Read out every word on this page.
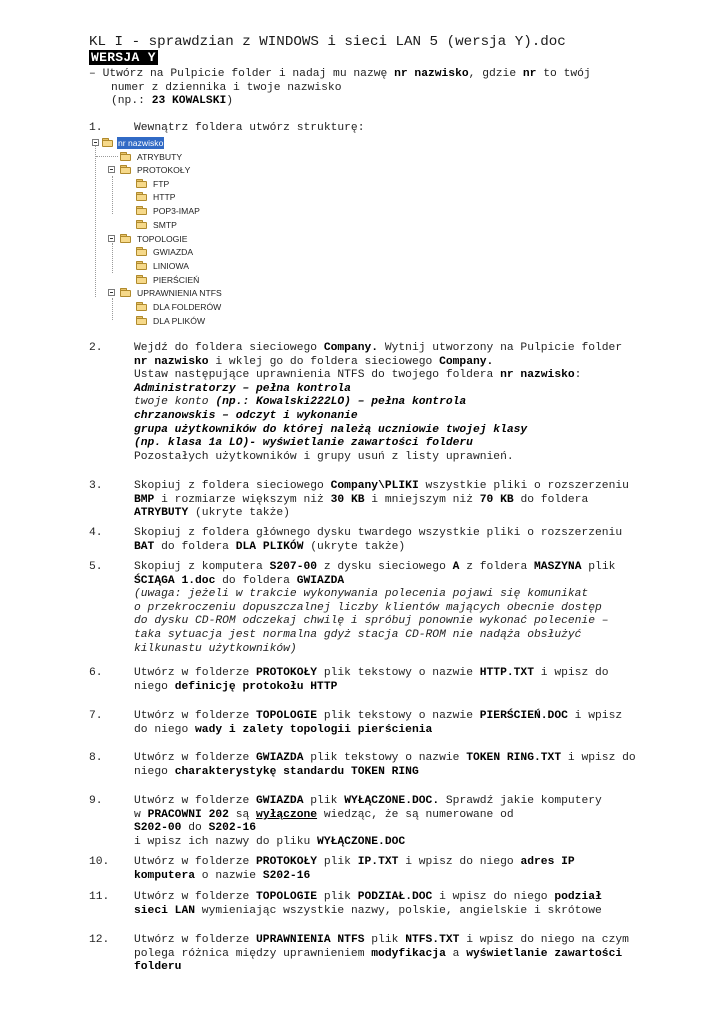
KL I - sprawdzian z WINDOWS i sieci LAN 5 (wersja Y).doc
WERSJA Y
– Utwórz na Pulpicie folder i nadaj mu nazwę nr nazwisko, gdzie nr to twój
numer z dziennika i twoje nazwisko
(np.: 23 KOWALSKI)
1.	Wewnątrz foldera utwórz strukturę:
nr nazwisko
ATRYBUTY
PROTOKOŁY
FTP
HTTP
POP3-IMAP
SMTP
TOPOLOGIE
GWIAZDA
LINIOWA
PIERŚCIEŃ
UPRAWNIENIA NTFS
DLA FOLDERÓW
DLA PLIKÓW
2.	Wejdź do foldera sieciowego Company. Wytnij utworzony na Pulpicie folder
nr nazwisko i wklej go do foldera sieciowego Company.
Ustaw następujące uprawnienia NTFS do twojego foldera nr nazwisko:
Administratorzy – pełna kontrola
twoje konto (np.: Kowalski222LO) – pełna kontrola
chrzanowskis – odczyt i wykonanie
grupa użytkowników do której należą uczniowie twojej klasy
(np. klasa 1a LO)- wyświetlanie zawartości folderu
Pozostałych użytkowników i grupy usuń z listy uprawnień.
3.	Skopiuj z foldera sieciowego Company\PLIKI wszystkie pliki o rozszerzeniu
BMP i rozmiarze większym niż 30 KB i mniejszym niż 70 KB do foldera
ATRYBUTY (ukryte także)
4.	Skopiuj z foldera głównego dysku twardego wszystkie pliki o rozszerzeniu
BAT do foldera DLA PLIKÓW (ukryte także)
5.	Skopiuj z komputera S207-00 z dysku sieciowego A z foldera MASZYNA plik
ŚCIĄGA 1.doc do foldera GWIAZDA
(uwaga: jeżeli w trakcie wykonywania polecenia pojawi się komunikat
o przekroczeniu dopuszczalnej liczby klientów mających obecnie dostęp
do dysku CD-ROM odczekaj chwilę i spróbuj ponownie wykonać polecenie –
taka sytuacja jest normalna gdyż stacja CD-ROM nie nadąża obsłużyć
kilkunastu użytkowników)
6.	Utwórz w folderze PROTOKOŁY plik tekstowy o nazwie HTTP.TXT i wpisz do
niego definicję protokołu HTTP
7.	Utwórz w folderze TOPOLOGIE plik tekstowy o nazwie PIERŚCIEŃ.DOC i wpisz
do niego wady i zalety topologii pierścienia
8.	Utwórz w folderze GWIAZDA plik tekstowy o nazwie TOKEN RING.TXT i wpisz do
niego charakterystykę standardu TOKEN RING
9.	Utwórz w folderze GWIAZDA plik WYŁĄCZONE.DOC. Sprawdź jakie komputery
w PRACOWNI 202 są wyłączone wiedząc, że są numerowane od
S202-00 do S202-16
i wpisz ich nazwy do pliku WYŁĄCZONE.DOC
10.	Utwórz w folderze PROTOKOŁY plik IP.TXT i wpisz do niego adres IP
komputera o nazwie S202-16
11.	Utwórz w folderze TOPOLOGIE plik PODZIAŁ.DOC i wpisz do niego podział
sieci LAN wymieniając wszystkie nazwy, polskie, angielskie i skrótowe
12.	Utwórz w folderze UPRAWNIENIA NTFS plik NTFS.TXT i wpisz do niego na czym
polega różnica między uprawnieniem modyfikacja a wyświetlanie zawartości
folderu
